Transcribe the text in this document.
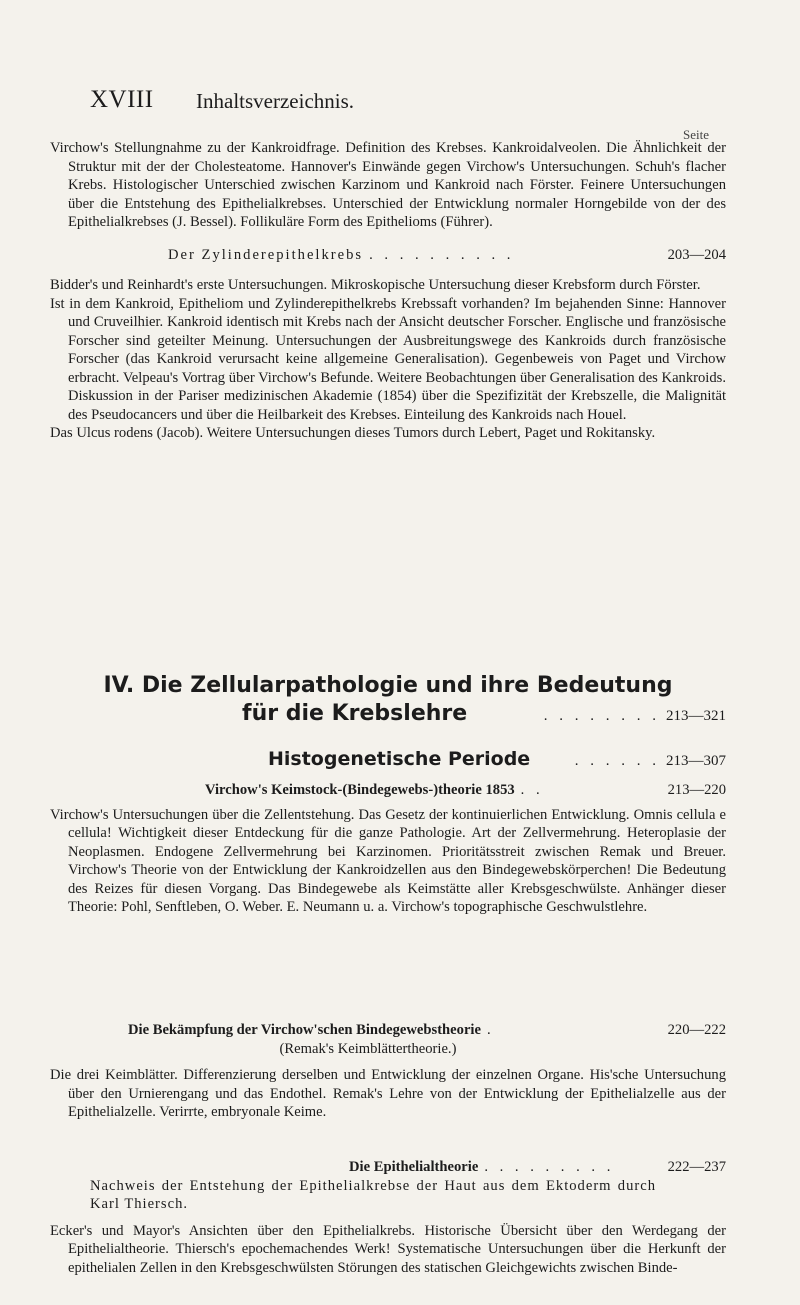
XVIII Inhaltsverzeichnis.
Seite

Virchow's Stellungnahme zu der Kankroidfrage. Definition des Krebses. Kankroidalveolen. Die Ähnlichkeit der Struktur mit der der Cholesteatome. Hannover's Einwände gegen Virchow's Untersuchungen. Schuh's flacher Krebs. Histologischer Unterschied zwischen Karzinom und Kankroid nach Förster. Feinere Untersuchungen über die Entstehung des Epithelialkrebses. Unterschied der Entwicklung normaler Horngebilde von der des Epithelialkrebses (J. Bessel). Follikuläre Form des Epithelioms (Führer).

Der Zylinderepithelkrebs . . . . . . . . . .	203—204

Bidder's und Reinhardt's erste Untersuchungen. Mikroskopische Untersuchung dieser Krebsform durch Förster.

Ist in dem Kankroid, Epitheliom und Zylinderepithelkrebs Krebssaft vorhanden? Im bejahenden Sinne: Hannover und Cruveilhier. Kankroid identisch mit Krebs nach der Ansicht deutscher Forscher. Englische und französische Forscher sind geteilter Meinung. Untersuchungen der Ausbreitungswege des Kankroids durch französische Forscher (das Kankroid verursacht keine allgemeine Generalisation). Gegenbeweis von Paget und Virchow erbracht. Velpeau's Vortrag über Virchow's Befunde. Weitere Beobachtungen über Generalisation des Kankroids. Diskussion in der Pariser medizinischen Akademie (1854) über die Spezifizität der Krebszelle, die Malignität des Pseudocancers und über die Heilbarkeit des Krebses. Einteilung des Kankroids nach Houel.

Das Ulcus rodens (Jacob). Weitere Untersuchungen dieses Tumors durch Lebert, Paget und Rokitansky.

IV. Die Zellularpathologie und ihre Bedeutung
für die Krebslehre	. . . . . . . . 213—321
Histogenetische Periode	. . . . . . 213—307
Virchow's Keimstock-(Bindegewebs-)theorie 1853 . .	213—220

Virchow's Untersuchungen über die Zellentstehung. Das Gesetz der kontinuierlichen Entwicklung. Omnis cellula e cellula! Wichtigkeit dieser Entdeckung für die ganze Pathologie. Art der Zellvermehrung. Heteroplasie der Neoplasmen. Endogene Zellvermehrung bei Karzinomen. Prioritätsstreit zwischen Remak und Breuer. Virchow's Theorie von der Entwicklung der Kankroidzellen aus den Bindegewebskörperchen! Die Bedeutung des Reizes für diesen Vorgang. Das Bindegewebe als Keimstätte aller Krebsgeschwülste. Anhänger dieser Theorie: Pohl, Senftleben, O. Weber. E. Neumann u. a. Virchow's topographische Geschwulstlehre.

Die Bekämpfung der Virchow'schen Bindegewebstheorie .	220—222
(Remak's Keimblättertheorie.)

Die drei Keimblätter. Differenzierung derselben und Entwicklung der einzelnen Organe. His'sche Untersuchung über den Urnierengang und das Endothel. Remak's Lehre von der Entwicklung der Epithelialzelle aus der Epithelialzelle. Verirrte, embryonale Keime.

Die Epithelialtheorie . . . . . . . . .	222—237

Nachweis der Entstehung der Epithelialkrebse der Haut aus dem Ektoderm durch Karl Thiersch.

Ecker's und Mayor's Ansichten über den Epithelialkrebs. Historische Übersicht über den Werdegang der Epithelialtheorie. Thiersch's epochemachendes Werk! Systematische Untersuchungen über die Herkunft der epithelialen Zellen in den Krebsgeschwülsten Störungen des statischen Gleichgewichts zwischen Binde-
